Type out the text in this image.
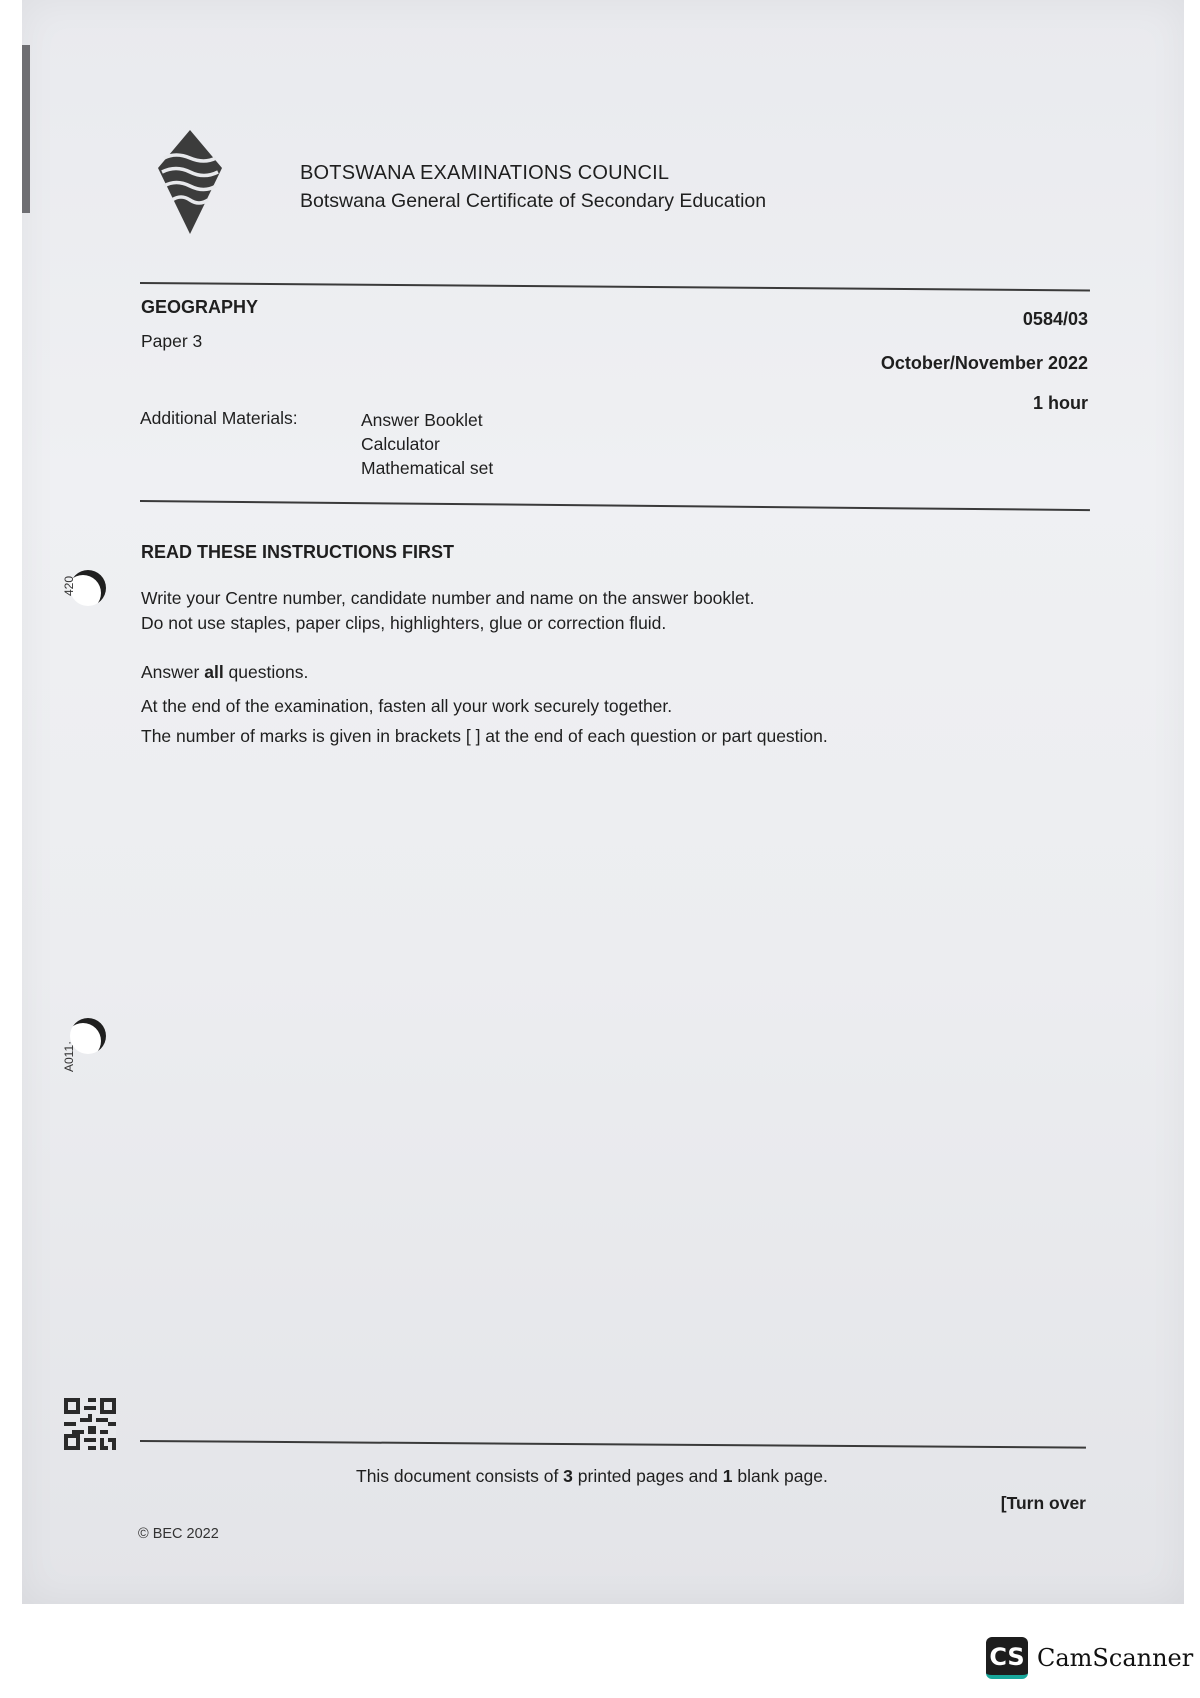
BOTSWANA EXAMINATIONS COUNCIL
Botswana General Certificate of Secondary Education
GEOGRAPHY
Paper 3
0584/03
October/November 2022
1 hour
Additional Materials:	Answer Booklet
Calculator
Mathematical set
READ THESE INSTRUCTIONS FIRST
Write your Centre number, candidate number and name on the answer booklet.
Do not use staples, paper clips, highlighters, glue or correction fluid.
Answer all questions.
At the end of the examination, fasten all your work securely together.
The number of marks is given in brackets [ ] at the end of each question or part question.
420
A011·
This document consists of 3 printed pages and 1 blank page.
[Turn over
© BEC 2022
CS CamScanner
